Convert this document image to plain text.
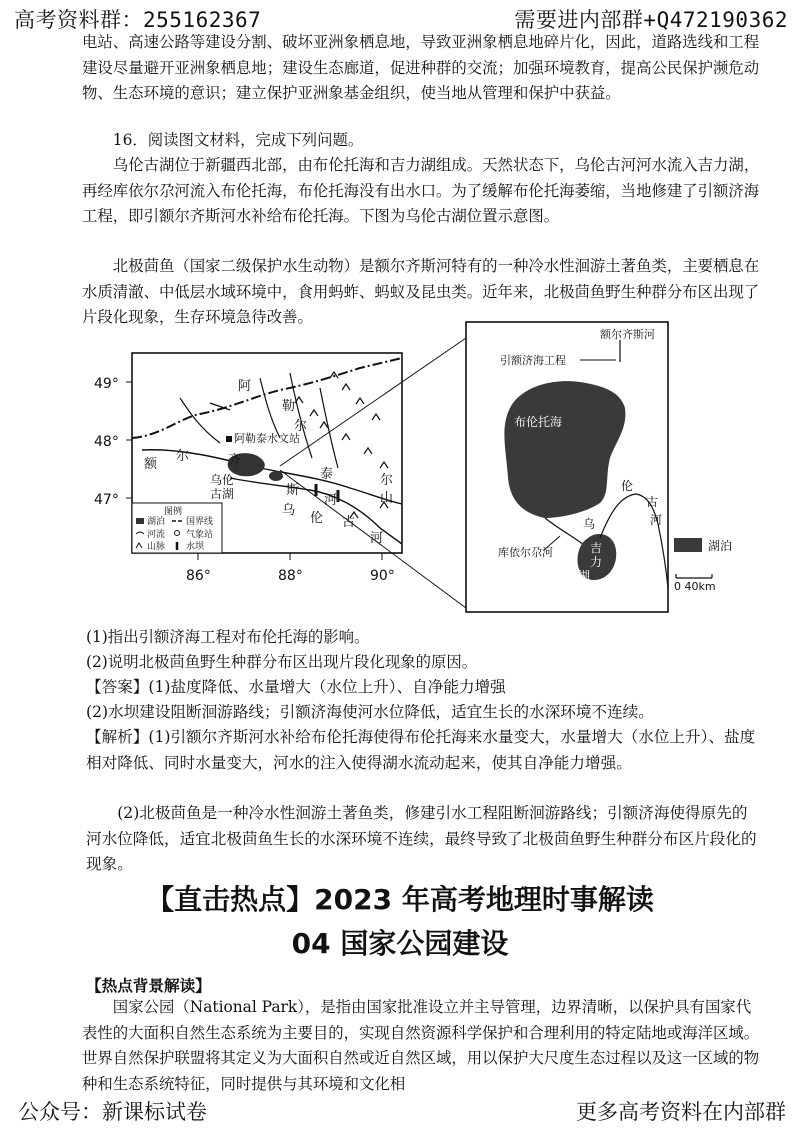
高考资料群：255162367	需要进内部群+Q472190362

电站、高速公路等建设分割、破坏亚洲象栖息地，导致亚洲象栖息地碎片化，因此，道路选线和工程建设尽量避开亚洲象栖息地；建设生态廊道，促进种群的交流；加强环境教育，提高公民保护濒危动物、生态环境的意识；建立保护亚洲象基金组织，使当地从管理和保护中获益。

16．阅读图文材料，完成下列问题。

乌伦古湖位于新疆西北部，由布伦托海和吉力湖组成。天然状态下，乌伦古河河水流入吉力湖，再经库依尔尕河流入布伦托海，布伦托海没有出水口。为了缓解布伦托海萎缩，当地修建了引额济海工程，即引额尔齐斯河水补给布伦托海。下图为乌伦古湖位置示意图。

北极茴鱼（国家二级保护水生动物）是额尔齐斯河特有的一种冷水性洄游土著鱼类，主要栖息在水质清澈、中低层水域环境中，食用蚂蚱、蚂蚁及昆虫类。近年来，北极茴鱼野生种群分布区出现了片段化现象，生存环境急待改善。

49°
48°
47°
86°	88°	90°
阿
勒
尔
泰
额
尔	齐
斯
河
阿勒泰水文站
乌伦
古湖
乌
伦 古
河
尔
山
图例
湖泊 国界线
河流 气象站
山脉 水坝
额尔齐斯河
引额济海工程
布伦托海
吉
力
湖
乌
伦
古
河
库依尔尕河	湖泊
0 40km

(1)指出引额济海工程对布伦托海的影响。

(2)说明北极茴鱼野生种群分布区出现片段化现象的原因。

【答案】(1)盐度降低、水量增大（水位上升）、自净能力增强

(2)水坝建设阻断洄游路线；引额济海使河水位降低，适宜生长的水深环境不连续。

【解析】(1)引额尔齐斯河水补给布伦托海使得布伦托海来水量变大，水量增大（水位上升）、盐度相对降低、同时水量变大，河水的注入使得湖水流动起来，使其自净能力增强。

(2)北极茴鱼是一种冷水性洄游土著鱼类，修建引水工程阻断洄游路线；引额济海使得原先的河水位降低，适宜北极茴鱼生长的水深环境不连续，最终导致了北极茴鱼野生种群分布区片段化的现象。

【直击热点】2023 年高考地理时事解读
04 国家公园建设
【热点背景解读】

国家公园（National Park），是指由国家批准设立并主导管理，边界清晰，以保护具有国家代表性的大面积自然生态系统为主要目的，实现自然资源科学保护和合理利用的特定陆地或海洋区域。世界自然保护联盟将其定义为大面积自然或近自然区域，用以保护大尺度生态过程以及这一区域的物种和生态系统特征，同时提供与其环境和文化相

公众号：新课标试卷	更多高考资料在内部群
